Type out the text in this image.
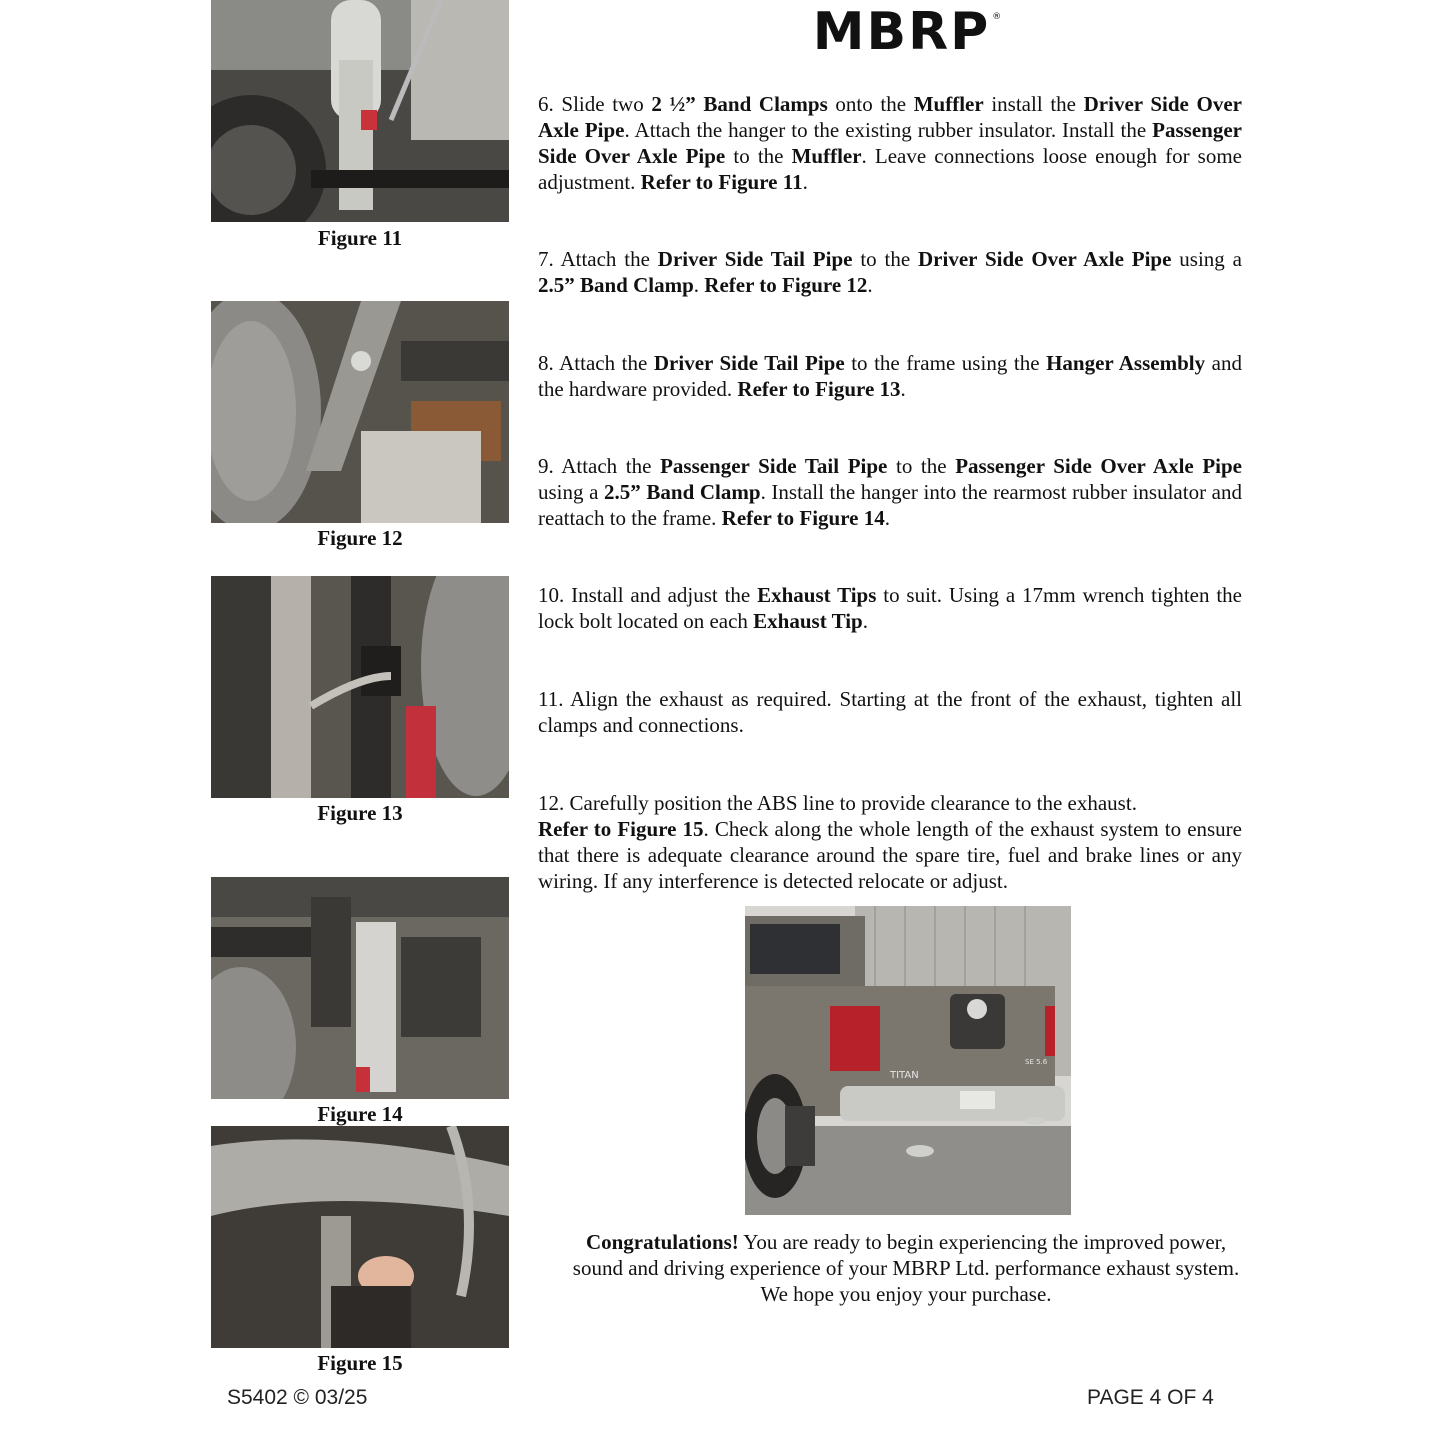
MBRP ®
Figure 11
Figure 12
Figure 13
Figure 14
Figure 15
6. Slide two 2 ½” Band Clamps onto the Muffler install the Driver Side Over Axle Pipe. Attach the hanger to the existing rubber insulator. Install the Passenger Side Over Axle Pipe to the Muffler. Leave connections loose enough for some adjustment. Refer to Figure 11.
7. Attach the Driver Side Tail Pipe to the Driver Side Over Axle Pipe using a 2.5” Band Clamp. Refer to Figure 12.
8. Attach the Driver Side Tail Pipe to the frame using the Hanger Assembly and the hardware provided. Refer to Figure 13.
9. Attach the Passenger Side Tail Pipe to the Passenger Side Over Axle Pipe using a 2.5” Band Clamp. Install the hanger into the rearmost rubber insulator and reattach to the frame. Refer to Figure 14.
10. Install and adjust the Exhaust Tips to suit. Using a 17mm wrench tighten the lock bolt located on each Exhaust Tip.
11. Align the exhaust as required. Starting at the front of the exhaust, tighten all clamps and connections.
12. Carefully position the ABS line to provide clearance to the exhaust.
Refer to Figure 15. Check along the whole length of the exhaust system to ensure that there is adequate clearance around the spare tire, fuel and brake lines or any wiring. If any interference is detected relocate or adjust.
TITAN
SE 5.6
Congratulations! You are ready to begin experiencing the improved power,
sound and driving experience of your MBRP Ltd. performance exhaust system.
We hope you enjoy your purchase.
S5402 © 03/25	PAGE 4 OF 4
